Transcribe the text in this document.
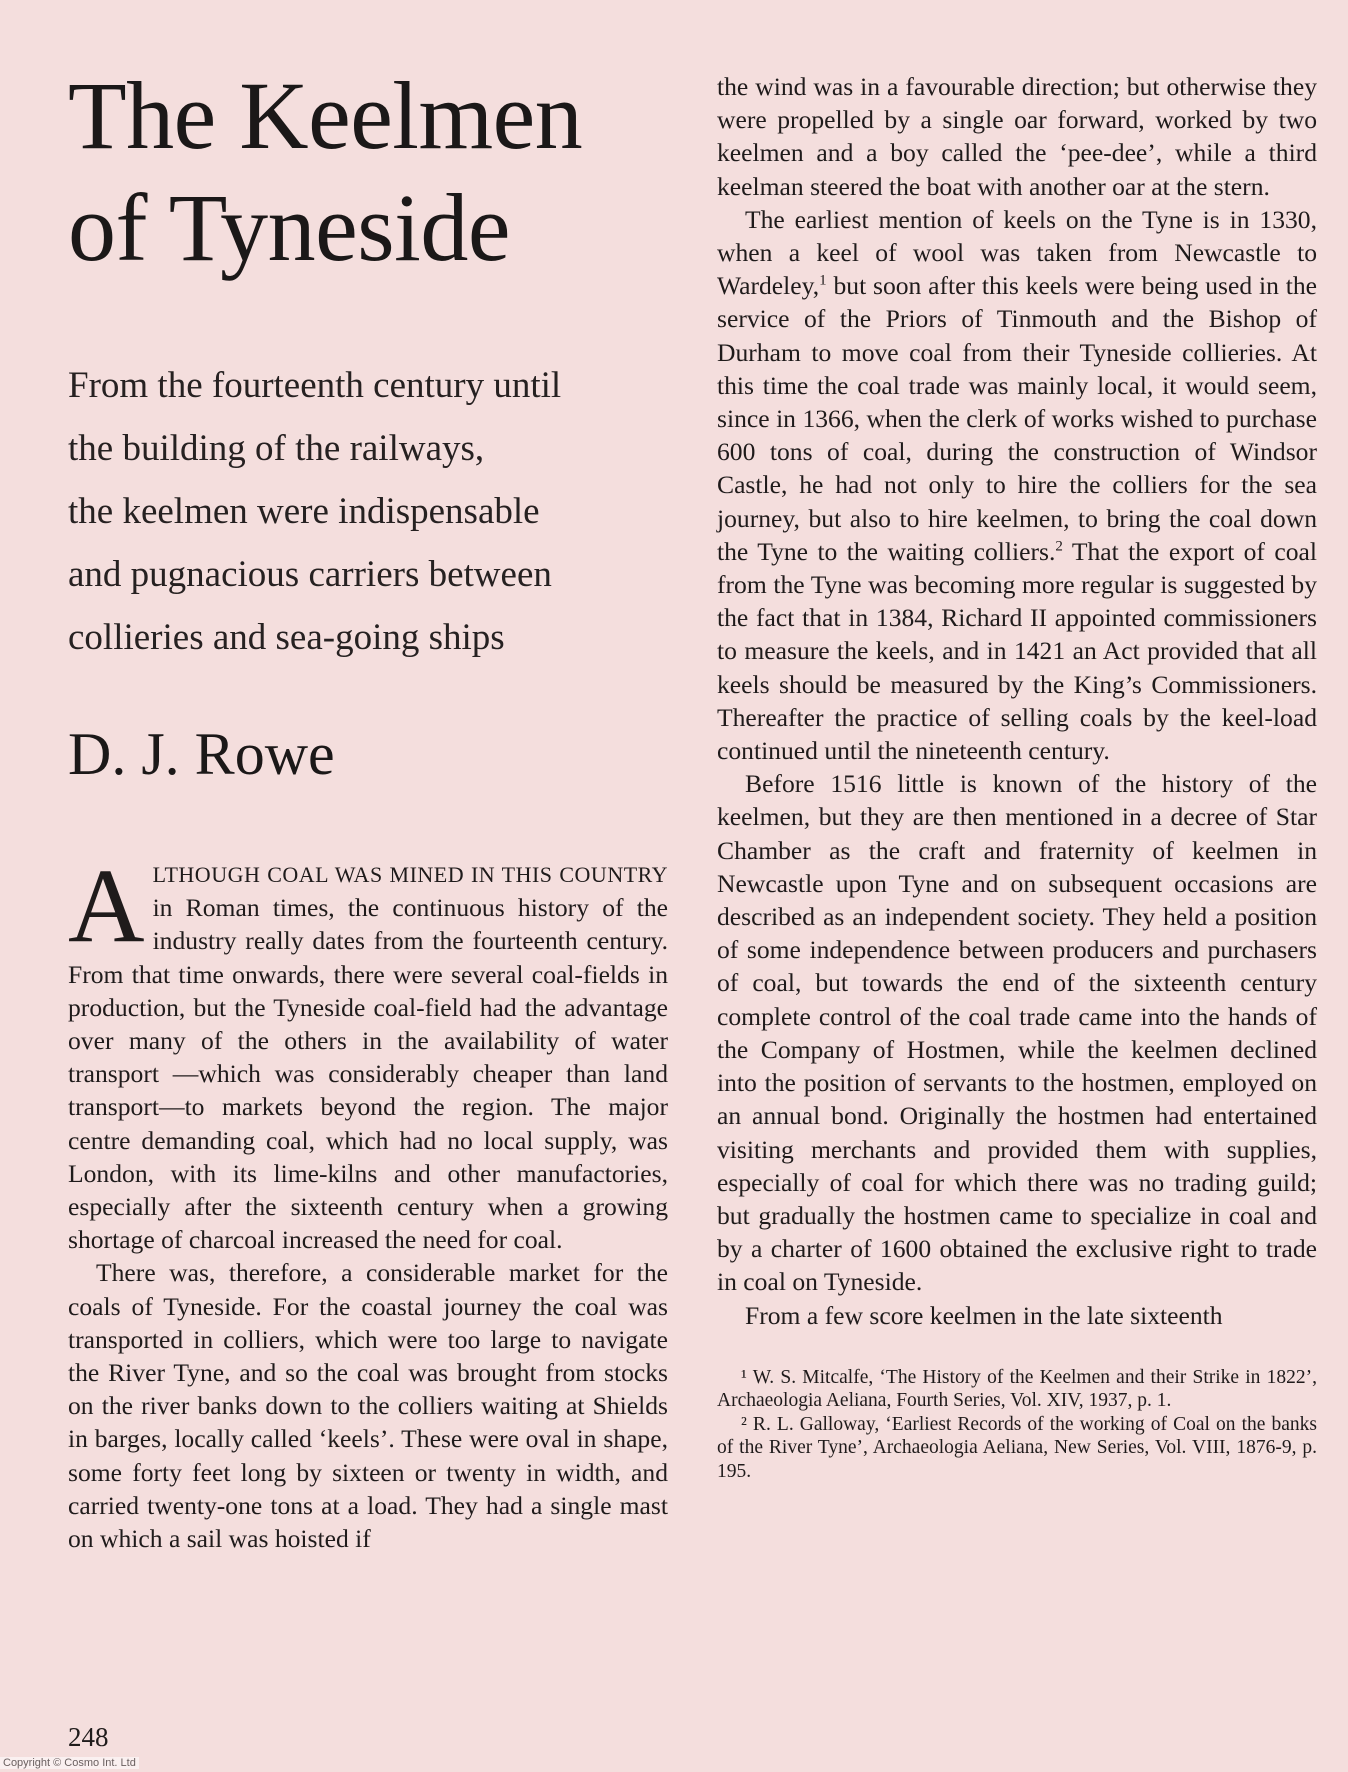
The Keelmen
of Tyneside

From the fourteenth century until
the building of the railways,
the keelmen were indispensable
and pugnacious carriers between
collieries and sea-going ships

D. J. Rowe

ALTHOUGH COAL WAS MINED IN THIS COUNTRY in Roman times, the continuous history of the industry really dates from the fourteenth century. From that time onwards, there were several coal-fields in production, but the Tyneside coal-field had the advantage over many of the others in the availability of water transport —which was considerably cheaper than land transport—to markets beyond the region. The major centre demanding coal, which had no local supply, was London, with its lime-kilns and other manufactories, especially after the sixteenth century when a growing shortage of charcoal increased the need for coal.

There was, therefore, a considerable market for the coals of Tyneside. For the coastal journey the coal was transported in colliers, which were too large to navigate the River Tyne, and so the coal was brought from stocks on the river banks down to the colliers waiting at Shields in barges, locally called ‘keels’. These were oval in shape, some forty feet long by sixteen or twenty in width, and carried twenty-one tons at a load. They had a single mast on which a sail was hoisted if

the wind was in a favourable direction; but otherwise they were propelled by a single oar forward, worked by two keelmen and a boy called the ‘pee-dee’, while a third keelman steered the boat with another oar at the stern.

The earliest mention of keels on the Tyne is in 1330, when a keel of wool was taken from Newcastle to Wardeley,$^1$ but soon after this keels were being used in the service of the Priors of Tinmouth and the Bishop of Durham to move coal from their Tyneside collieries. At this time the coal trade was mainly local, it would seem, since in 1366, when the clerk of works wished to purchase 600 tons of coal, during the construction of Windsor Castle, he had not only to hire the colliers for the sea journey, but also to hire keelmen, to bring the coal down the Tyne to the waiting colliers.$^2$ That the export of coal from the Tyne was becoming more regular is suggested by the fact that in 1384, Richard II appointed commissioners to measure the keels, and in 1421 an Act provided that all keels should be measured by the King’s Commissioners. Thereafter the practice of selling coals by the keel-load continued until the nineteenth century.

Before 1516 little is known of the history of the keelmen, but they are then mentioned in a decree of Star Chamber as the craft and fraternity of keelmen in Newcastle upon Tyne and on subsequent occasions are described as an independent society. They held a position of some independence between producers and purchasers of coal, but towards the end of the sixteenth century complete control of the coal trade came into the hands of the Company of Hostmen, while the keelmen declined into the position of servants to the hostmen, employed on an annual bond. Originally the hostmen had entertained visiting merchants and provided them with supplies, especially of coal for which there was no trading guild; but gradually the hostmen came to specialize in coal and by a charter of 1600 obtained the exclusive right to trade in coal on Tyneside.

From a few score keelmen in the late sixteenth

¹ W. S. Mitcalfe, ‘The History of the Keelmen and their Strike in 1822’, Archaeologia Aeliana, Fourth Series, Vol. XIV, 1937, p. 1.

² R. L. Galloway, ‘Earliest Records of the working of Coal on the banks of the River Tyne’, Archaeologia Aeliana, New Series, Vol. VIII, 1876-9, p. 195.

248
Copyright © Cosmo Int. Ltd
